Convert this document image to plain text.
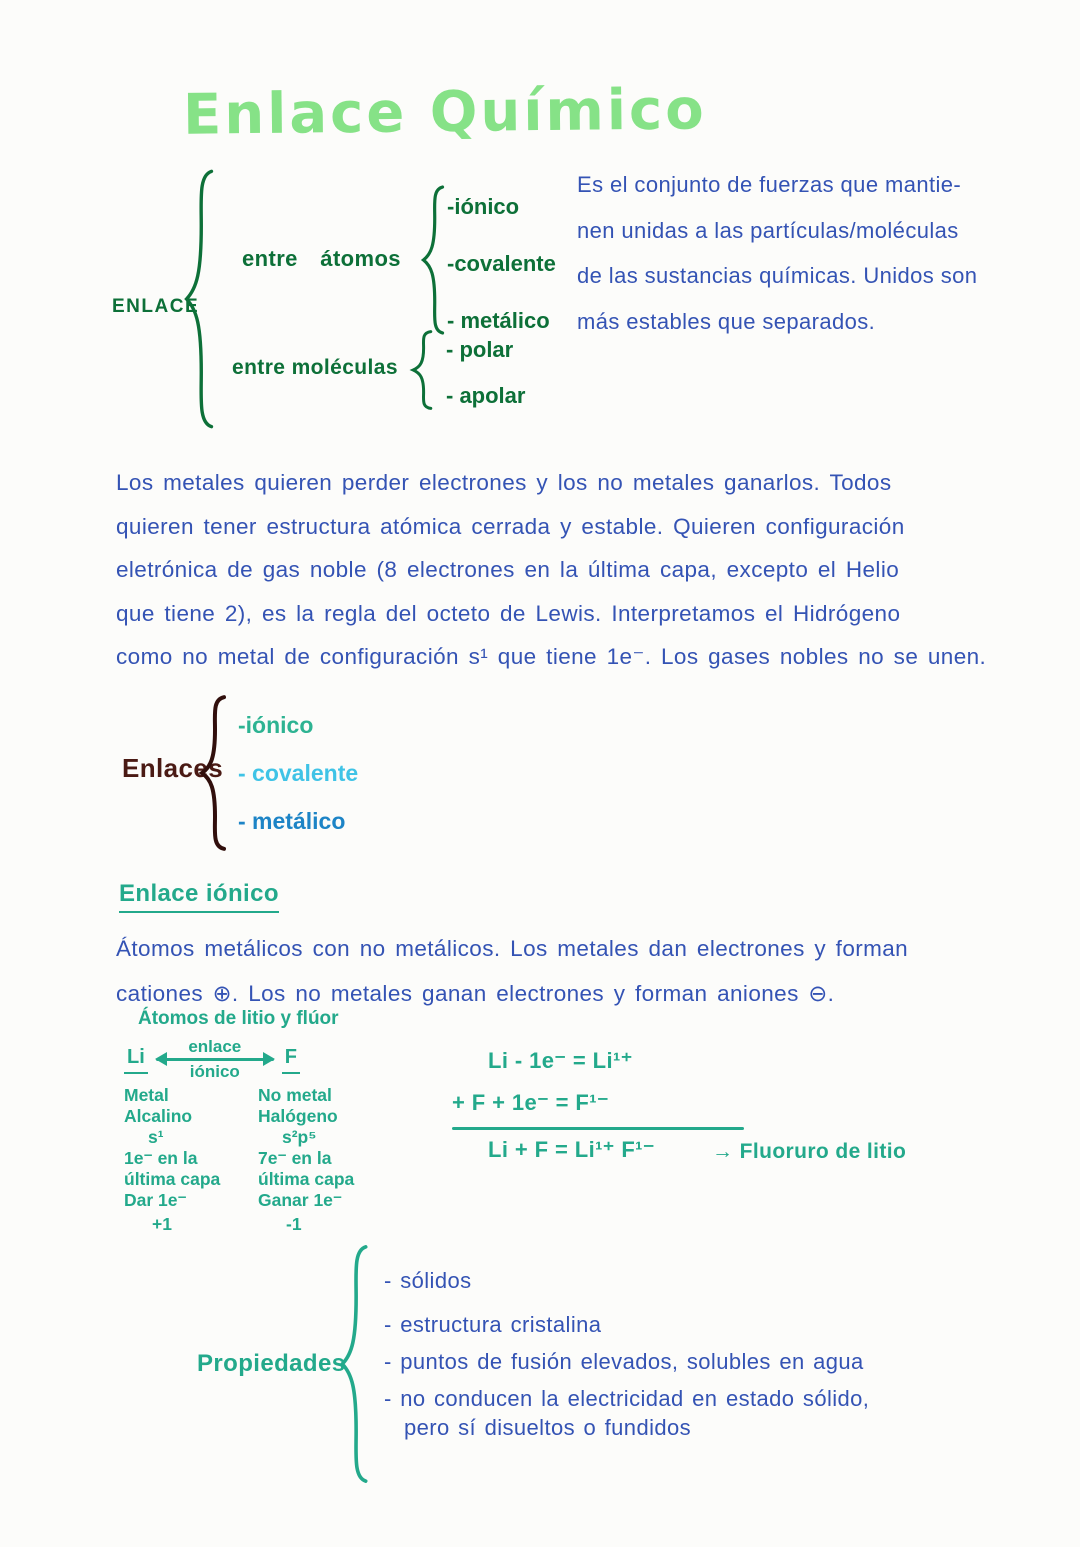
Enlace Químico
ENLACE
entre átomos
-iónico
-covalente
- metálico
entre moléculas
- polar
- apolar
Es el conjunto de fuerzas que mantie-
nen unidas a las partículas/moléculas
de las sustancias químicas. Unidos son
más estables que separados.
Los metales quieren perder electrones y los no metales ganarlos. Todos
quieren tener estructura atómica cerrada y estable. Quieren configuración
eletrónica de gas noble (8 electrones en la última capa, excepto el Helio
que tiene 2), es la regla del octeto de Lewis. Interpretamos el Hidrógeno
como no metal de configuración s¹ que tiene 1e⁻. Los gases nobles no se unen.
Enlaces
-iónico
- covalente
- metálico
Enlace iónico
Átomos metálicos con no metálicos. Los metales dan electrones y forman
cationes ⊕. Los no metales ganan electrones y forman aniones ⊖.
Átomos de litio y flúor
Li	enlace
iónico
F
Metal
Alcalino
s¹
1e⁻ en la
última capa
Dar 1e⁻
+1
No metal
Halógeno
s²p⁵
7e⁻ en la
última capa
Ganar 1e⁻
-1
Li - 1e⁻ = Li¹⁺
+ F + 1e⁻ = F¹⁻
Li + F = Li¹⁺ F¹⁻	→ Fluoruro de litio
Propiedades
- sólidos
- estructura cristalina
- puntos de fusión elevados, solubles en agua
- no conducen la electricidad en estado sólido,
pero sí disueltos o fundidos
